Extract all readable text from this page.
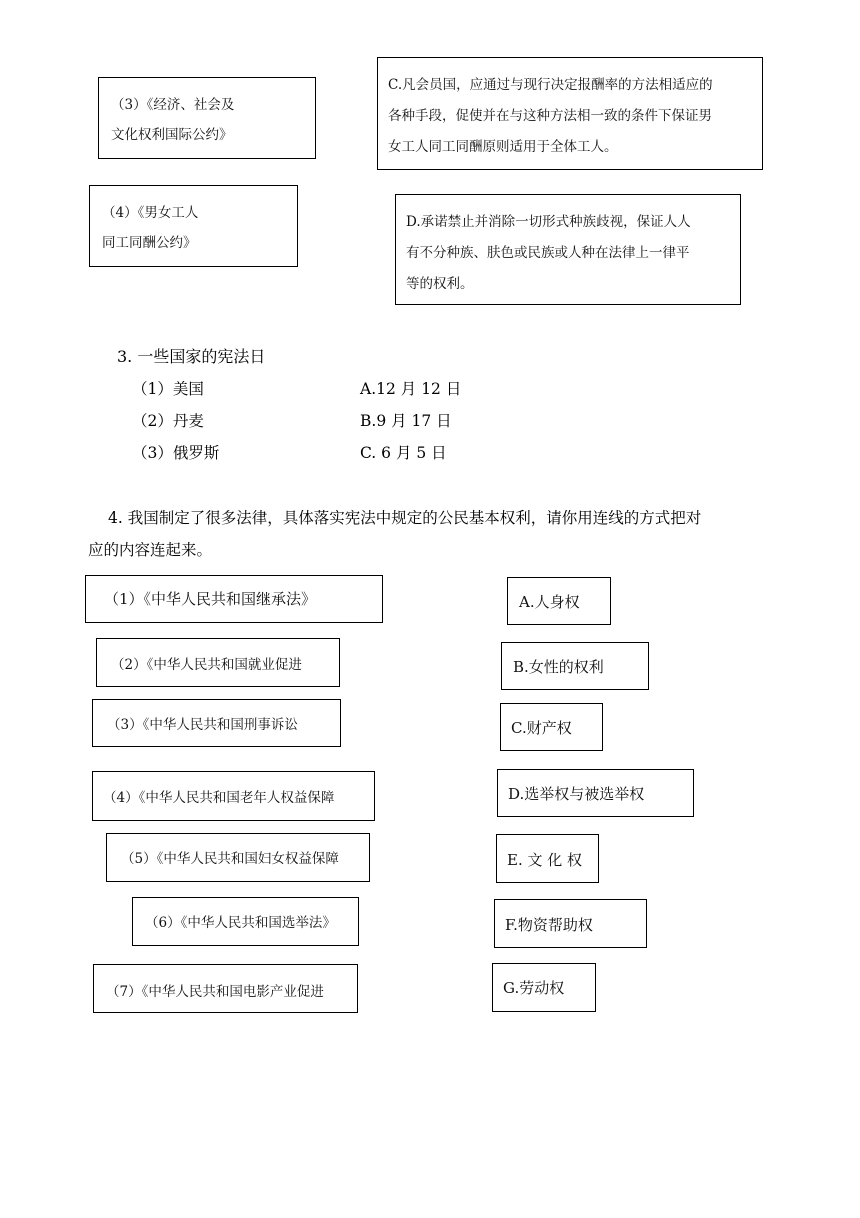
（3）《经济、社会及
文化权利国际公约》
C.凡会员国，应通过与现行决定报酬率的方法相适应的
各种手段，促使并在与这种方法相一致的条件下保证男
女工人同工同酬原则适用于全体工人。
（4）《男女工人
同工同酬公约》
D.承诺禁止并消除一切形式种族歧视，保证人人
有不分种族、肤色或民族或人种在法律上一律平
等的权利。
3. 一些国家的宪法日
（1）美国
（2）丹麦
（3）俄罗斯
A.12 月 12 日
B.9 月 17 日
C. 6 月 5 日
4. 我国制定了很多法律，具体落实宪法中规定的公民基本权利，请你用连线的方式把对
应的内容连起来。
（1）《中华人民共和国继承法》
（2）《中华人民共和国就业促进
（3）《中华人民共和国刑事诉讼
（4）《中华人民共和国老年人权益保障
（5）《中华人民共和国妇女权益保障
（6）《中华人民共和国选举法》
（7）《中华人民共和国电影产业促进
A.人身权
B.女性的权利
C.财产权
D.选举权与被选举权
E. 文 化 权
F.物资帮助权
G.劳动权
